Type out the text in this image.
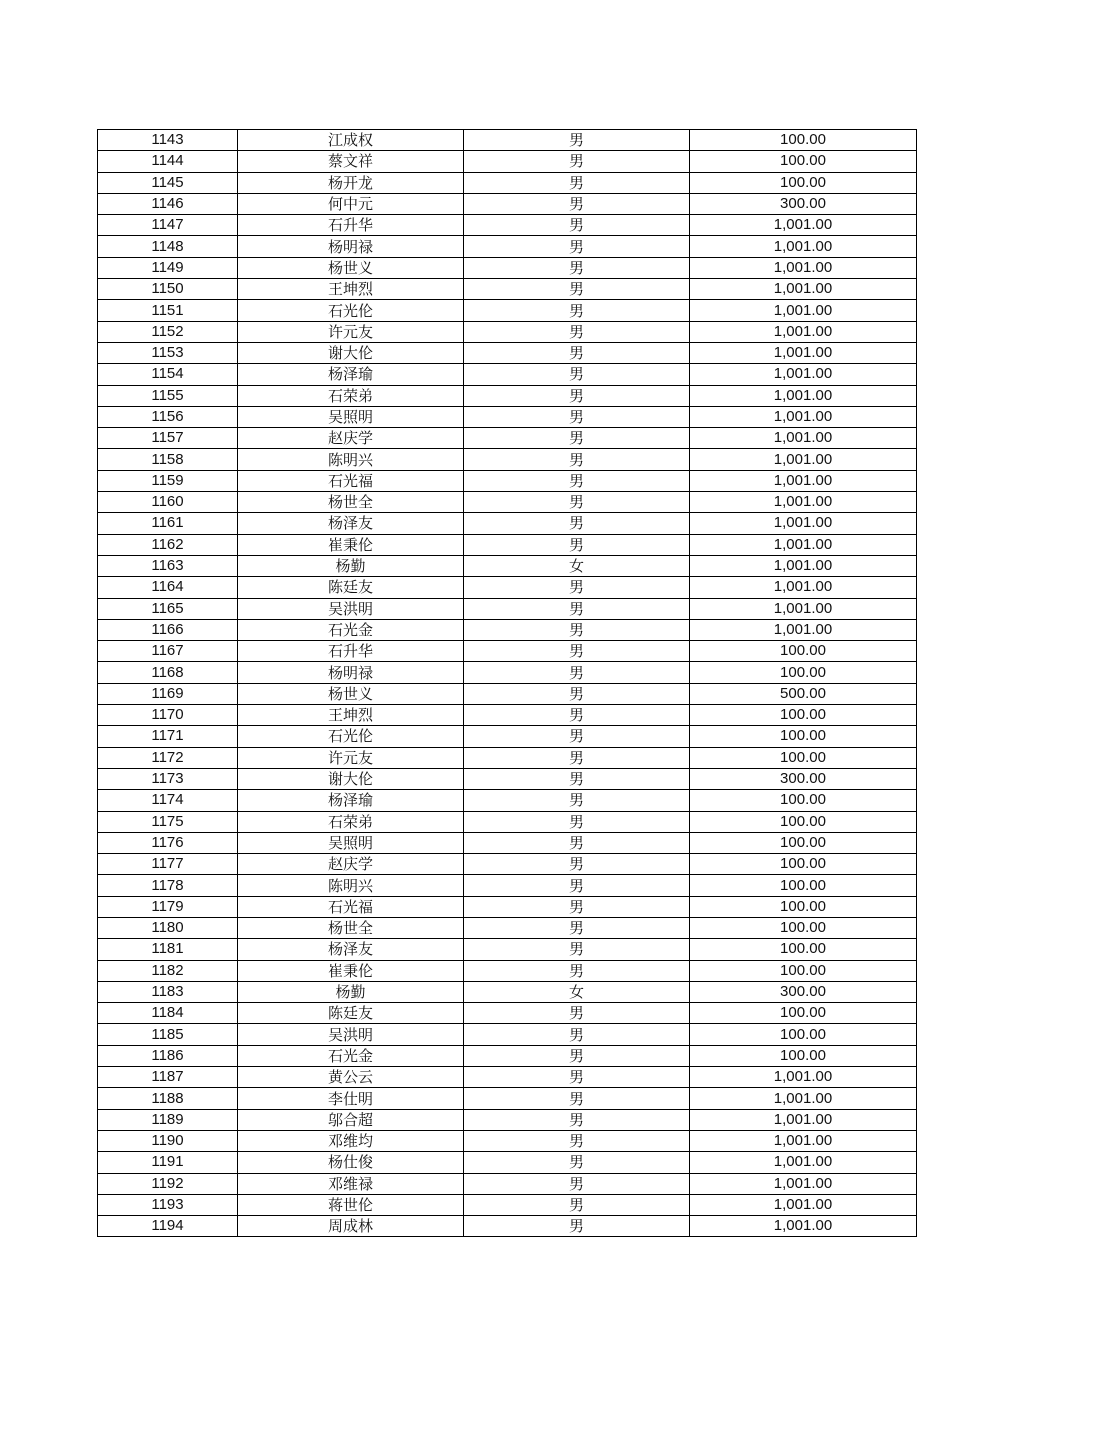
1143	江成权	男	100.00
1144	蔡文祥	男	100.00
1145	杨开龙	男	100.00
1146	何中元	男	300.00
1147	石升华	男	1,001.00
1148	杨明禄	男	1,001.00
1149	杨世义	男	1,001.00
1150	王坤烈	男	1,001.00
1151	石光伦	男	1,001.00
1152	许元友	男	1,001.00
1153	谢大伦	男	1,001.00
1154	杨泽瑜	男	1,001.00
1155	石荣弟	男	1,001.00
1156	吴照明	男	1,001.00
1157	赵庆学	男	1,001.00
1158	陈明兴	男	1,001.00
1159	石光福	男	1,001.00
1160	杨世全	男	1,001.00
1161	杨泽友	男	1,001.00
1162	崔秉伦	男	1,001.00
1163	杨勤	女	1,001.00
1164	陈廷友	男	1,001.00
1165	吴洪明	男	1,001.00
1166	石光金	男	1,001.00
1167	石升华	男	100.00
1168	杨明禄	男	100.00
1169	杨世义	男	500.00
1170	王坤烈	男	100.00
1171	石光伦	男	100.00
1172	许元友	男	100.00
1173	谢大伦	男	300.00
1174	杨泽瑜	男	100.00
1175	石荣弟	男	100.00
1176	吴照明	男	100.00
1177	赵庆学	男	100.00
1178	陈明兴	男	100.00
1179	石光福	男	100.00
1180	杨世全	男	100.00
1181	杨泽友	男	100.00
1182	崔秉伦	男	100.00
1183	杨勤	女	300.00
1184	陈廷友	男	100.00
1185	吴洪明	男	100.00
1186	石光金	男	100.00
1187	黄公云	男	1,001.00
1188	李仕明	男	1,001.00
1189	邬合超	男	1,001.00
1190	邓维均	男	1,001.00
1191	杨仕俊	男	1,001.00
1192	邓维禄	男	1,001.00
1193	蒋世伦	男	1,001.00
1194	周成林	男	1,001.00
